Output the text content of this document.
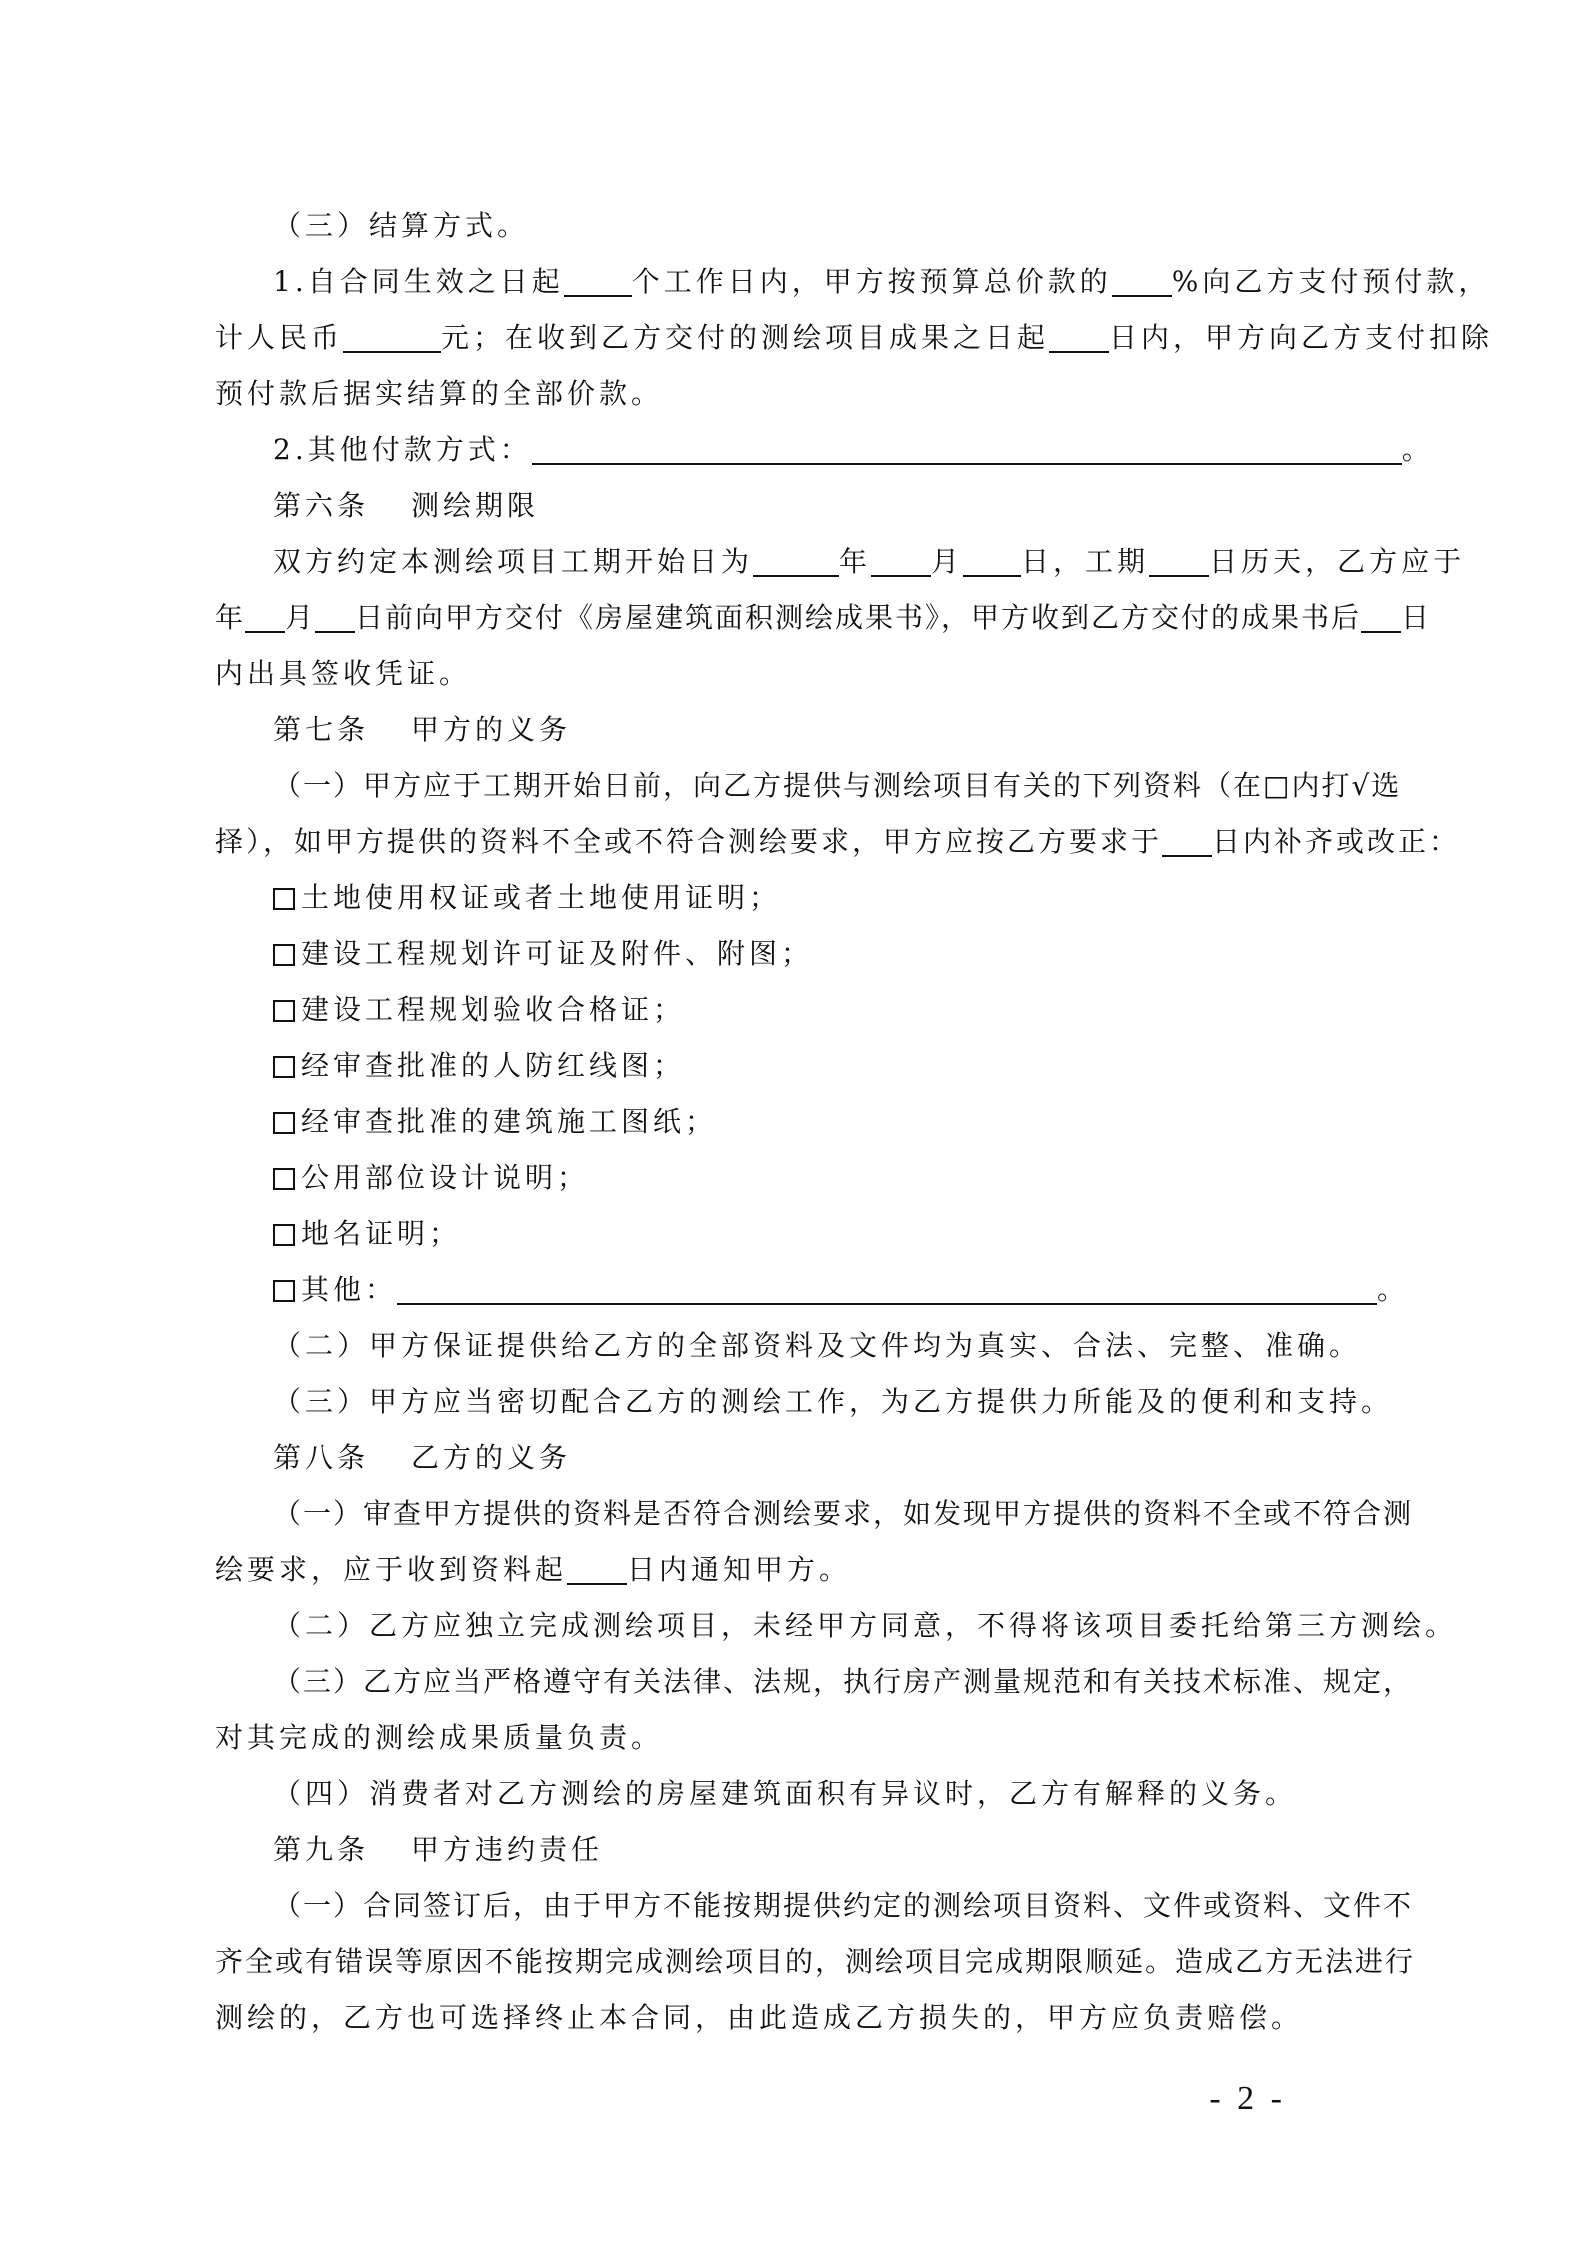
（三）结算方式。
1.自合同生效之日起 个工作日内，甲方按预算总价款的 %向乙方支付预付款，
计人民币	元；在收到乙方交付的测绘项目成果之日起 日内，甲方向乙方支付扣除
预付款后据实结算的全部价款。
2.其他付款方式：	。
第六条 测绘期限
双方约定本测绘项目工期开始日为	年 月 日，工期 日历天，乙方应于
年 月 日前向甲方交付《房屋建筑面积测绘成果书》，甲方收到乙方交付的成果书后 日
内出具签收凭证。
第七条 甲方的义务
（一）甲方应于工期开始日前，向乙方提供与测绘项目有关的下列资料（在□内打√选
择），如甲方提供的资料不全或不符合测绘要求，甲方应按乙方要求于 日内补齐或改正：
土地使用权证或者土地使用证明；
建设工程规划许可证及附件、附图；
建设工程规划验收合格证；
经审查批准的人防红线图；
经审查批准的建筑施工图纸；
公用部位设计说明；
地名证明；
其他：	。
（二）甲方保证提供给乙方的全部资料及文件均为真实、合法、完整、准确。
（三）甲方应当密切配合乙方的测绘工作，为乙方提供力所能及的便利和支持。
第八条 乙方的义务
（一）审查甲方提供的资料是否符合测绘要求，如发现甲方提供的资料不全或不符合测
绘要求，应于收到资料起 日内通知甲方。
（二）乙方应独立完成测绘项目，未经甲方同意，不得将该项目委托给第三方测绘。
（三）乙方应当严格遵守有关法律、法规，执行房产测量规范和有关技术标准、规定，
对其完成的测绘成果质量负责。
（四）消费者对乙方测绘的房屋建筑面积有异议时，乙方有解释的义务。
第九条 甲方违约责任
（一）合同签订后，由于甲方不能按期提供约定的测绘项目资料、文件或资料、文件不
齐全或有错误等原因不能按期完成测绘项目的，测绘项目完成期限顺延。造成乙方无法进行
测绘的，乙方也可选择终止本合同，由此造成乙方损失的，甲方应负责赔偿。
- 2 -
